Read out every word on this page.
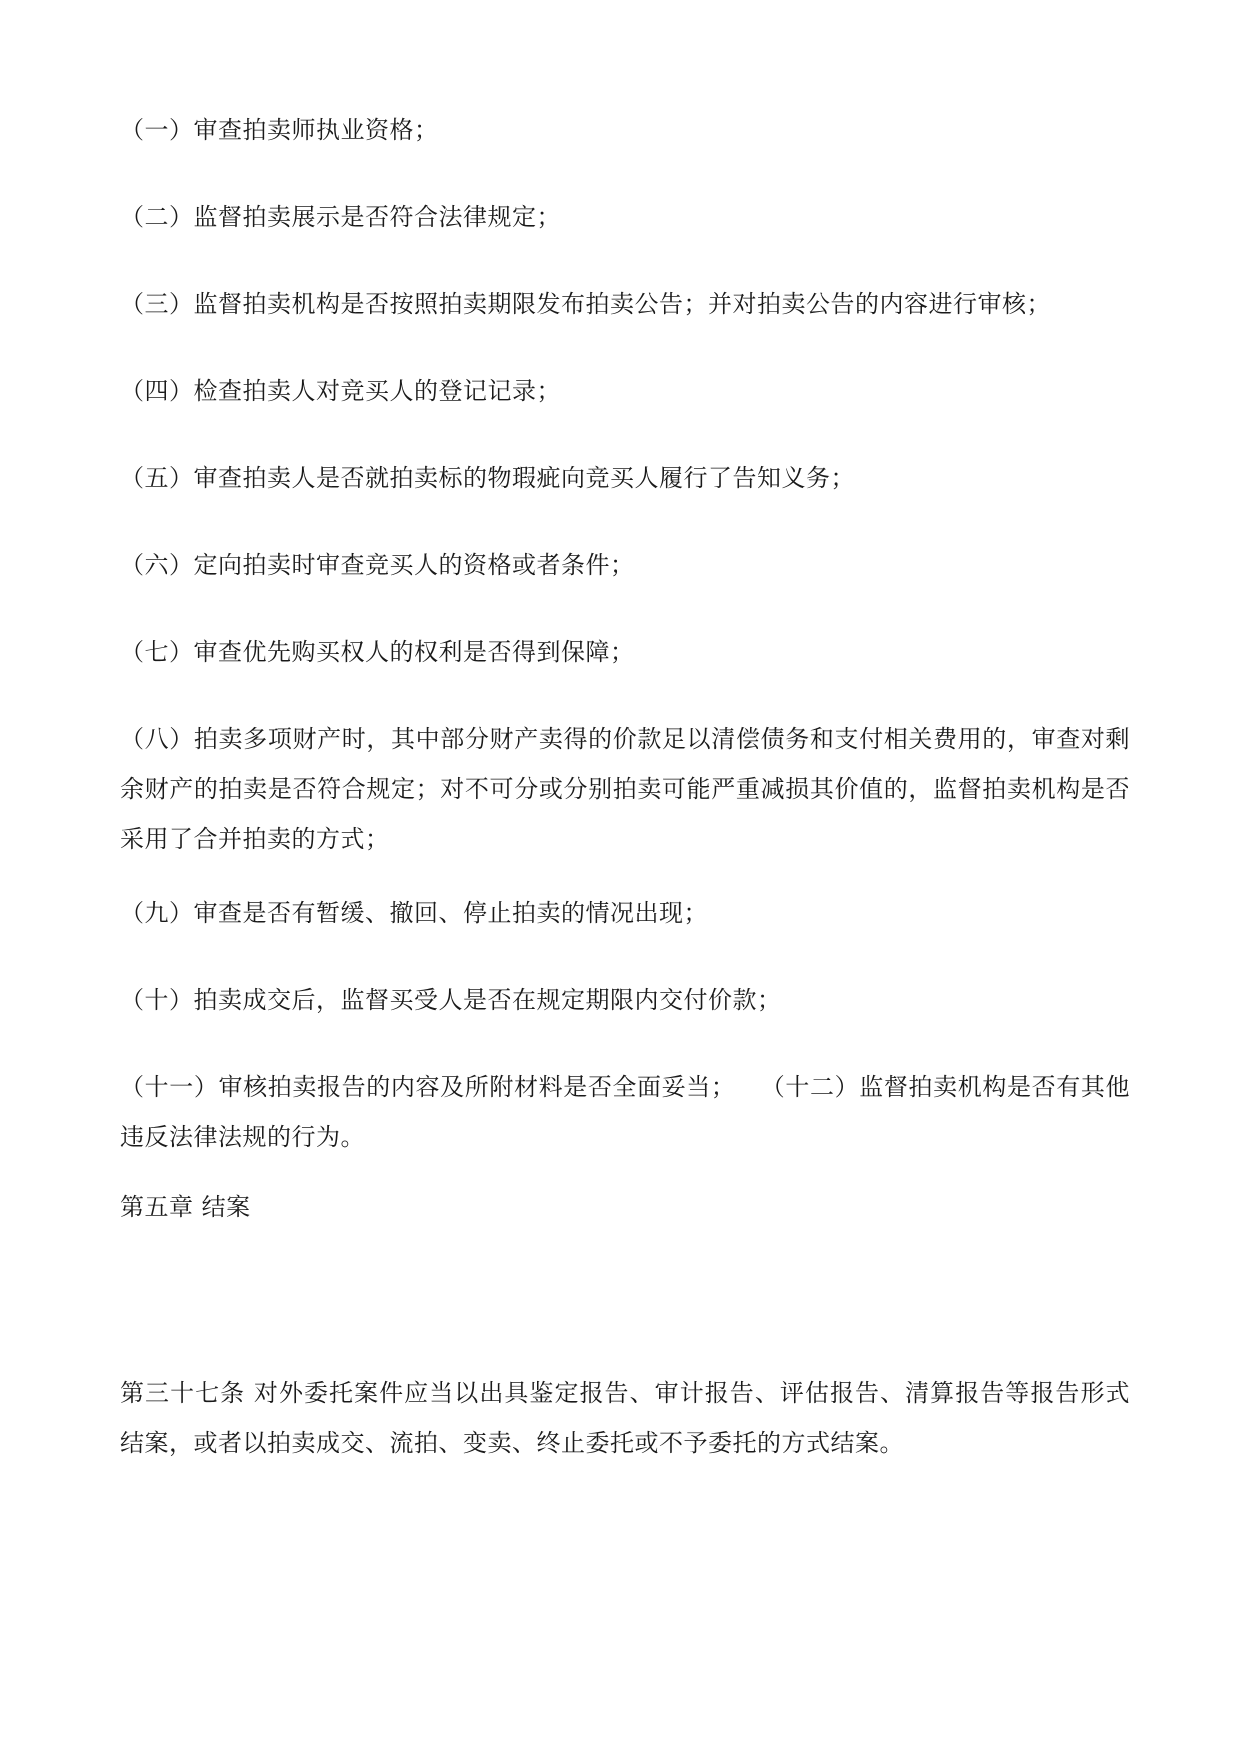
（一）审查拍卖师执业资格；
（二）监督拍卖展示是否符合法律规定；
（三）监督拍卖机构是否按照拍卖期限发布拍卖公告；并对拍卖公告的内容进行审核；
（四）检查拍卖人对竞买人的登记记录；
（五）审查拍卖人是否就拍卖标的物瑕疵向竞买人履行了告知义务；
（六）定向拍卖时审查竞买人的资格或者条件；
（七）审查优先购买权人的权利是否得到保障；
（八）拍卖多项财产时，其中部分财产卖得的价款足以清偿债务和支付相关费用的，审查对剩余财产的拍卖是否符合规定；对不可分或分别拍卖可能严重减损其价值的，监督拍卖机构是否采用了合并拍卖的方式；
（九）审查是否有暂缓、撤回、停止拍卖的情况出现；
（十）拍卖成交后，监督买受人是否在规定期限内交付价款；
（十一）审核拍卖报告的内容及所附材料是否全面妥当；　　（十二）监督拍卖机构是否有其他违反法律法规的行为。
第五章 结案
第三十七条 对外委托案件应当以出具鉴定报告、审计报告、评估报告、清算报告等报告形式结案，或者以拍卖成交、流拍、变卖、终止委托或不予委托的方式结案。
